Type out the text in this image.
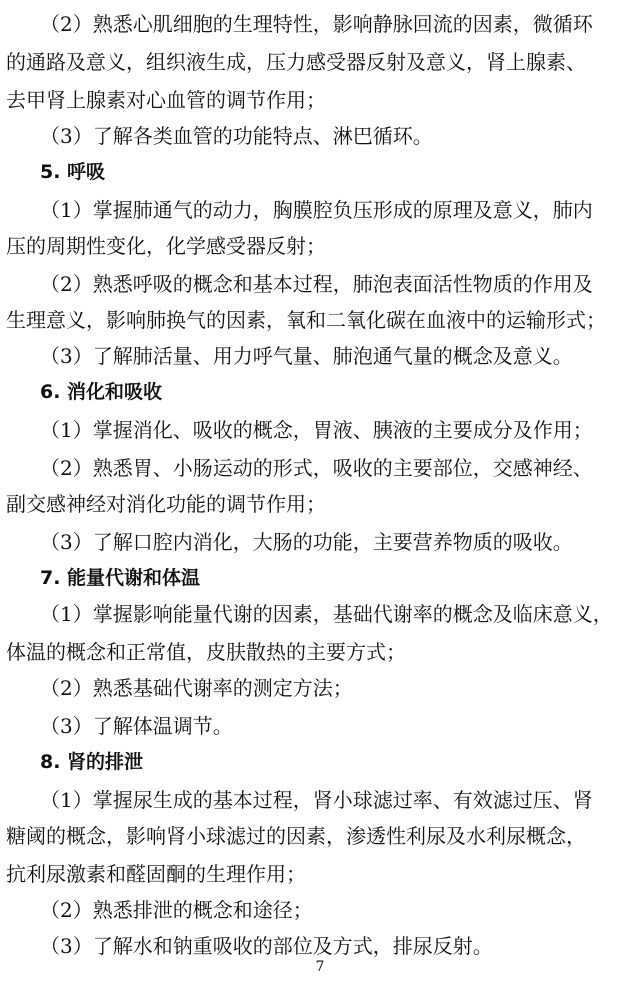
（2）熟悉心肌细胞的生理特性，影响静脉回流的因素，微循环
的通路及意义，组织液生成，压力感受器反射及意义，肾上腺素、
去甲肾上腺素对心血管的调节作用；
（3）了解各类血管的功能特点、淋巴循环。
5. 呼吸
（1）掌握肺通气的动力，胸膜腔负压形成的原理及意义，肺内
压的周期性变化，化学感受器反射；
（2）熟悉呼吸的概念和基本过程，肺泡表面活性物质的作用及
生理意义，影响肺换气的因素，氧和二氧化碳在血液中的运输形式；
（3）了解肺活量、用力呼气量、肺泡通气量的概念及意义。
6. 消化和吸收
（1）掌握消化、吸收的概念，胃液、胰液的主要成分及作用；
（2）熟悉胃、小肠运动的形式，吸收的主要部位，交感神经、
副交感神经对消化功能的调节作用；
（3）了解口腔内消化，大肠的功能，主要营养物质的吸收。
7. 能量代谢和体温
（1）掌握影响能量代谢的因素，基础代谢率的概念及临床意义，
体温的概念和正常值，皮肤散热的主要方式；
（2）熟悉基础代谢率的测定方法；
（3）了解体温调节。
8. 肾的排泄
（1）掌握尿生成的基本过程，肾小球滤过率、有效滤过压、肾
糖阈的概念，影响肾小球滤过的因素，渗透性利尿及水利尿概念，
抗利尿激素和醛固酮的生理作用；
（2）熟悉排泄的概念和途径；
（3）了解水和钠重吸收的部位及方式，排尿反射。
7
